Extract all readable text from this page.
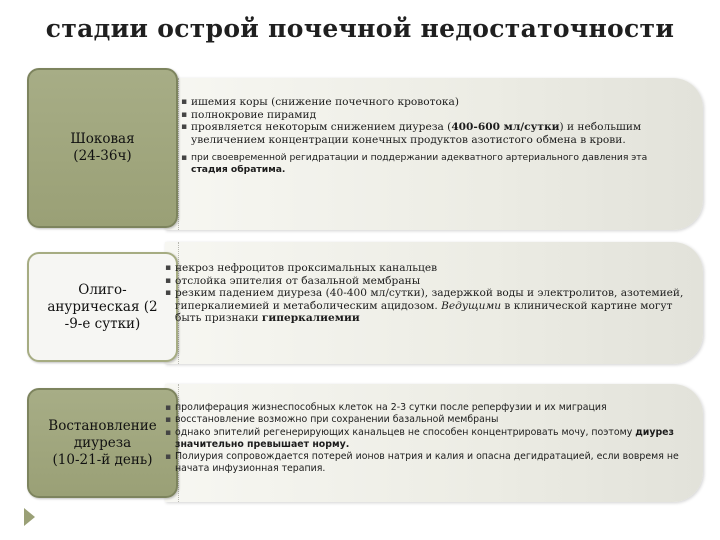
стадии острой почечной недостаточности
Шоковая
(24-36ч)
▪ ишемия коры (снижение почечного кровотока)
▪ полнокровие пирамид
▪ проявляется некоторым снижением диуреза (400-600 мл/сутки) и небольшим увеличением концентрации конечных продуктов азотистого обмена в крови.
▪ при своевременной регидратации и поддержании адекватного артериального давления эта стадия обратима.
Олиго-
анурическая (2
-9-е сутки)
▪ некроз нефроцитов проксимальных канальцев
▪ отслойка эпителия от базальной мембраны
▪ резким падением диуреза (40-400 мл/сутки), задержкой воды и электролитов, азотемией, гиперкалиемией и метаболическим ацидозом. Ведущими в клинической картине могут быть признаки гиперкалиемии
Востановление
диуреза
(10-21-й день)
▪ пролиферация жизнеспособных клеток на 2-3 сутки после реперфузии и их миграция
▪ восстановление возможно при сохранении базальной мембраны
▪ однако эпителий регенерирующих канальцев не способен концентрировать мочу, поэтому диурез значительно превышает норму.
▪ Полиурия сопровождается потерей ионов натрия и калия и опасна дегидратацией, если вовремя не начата инфузионная терапия.
